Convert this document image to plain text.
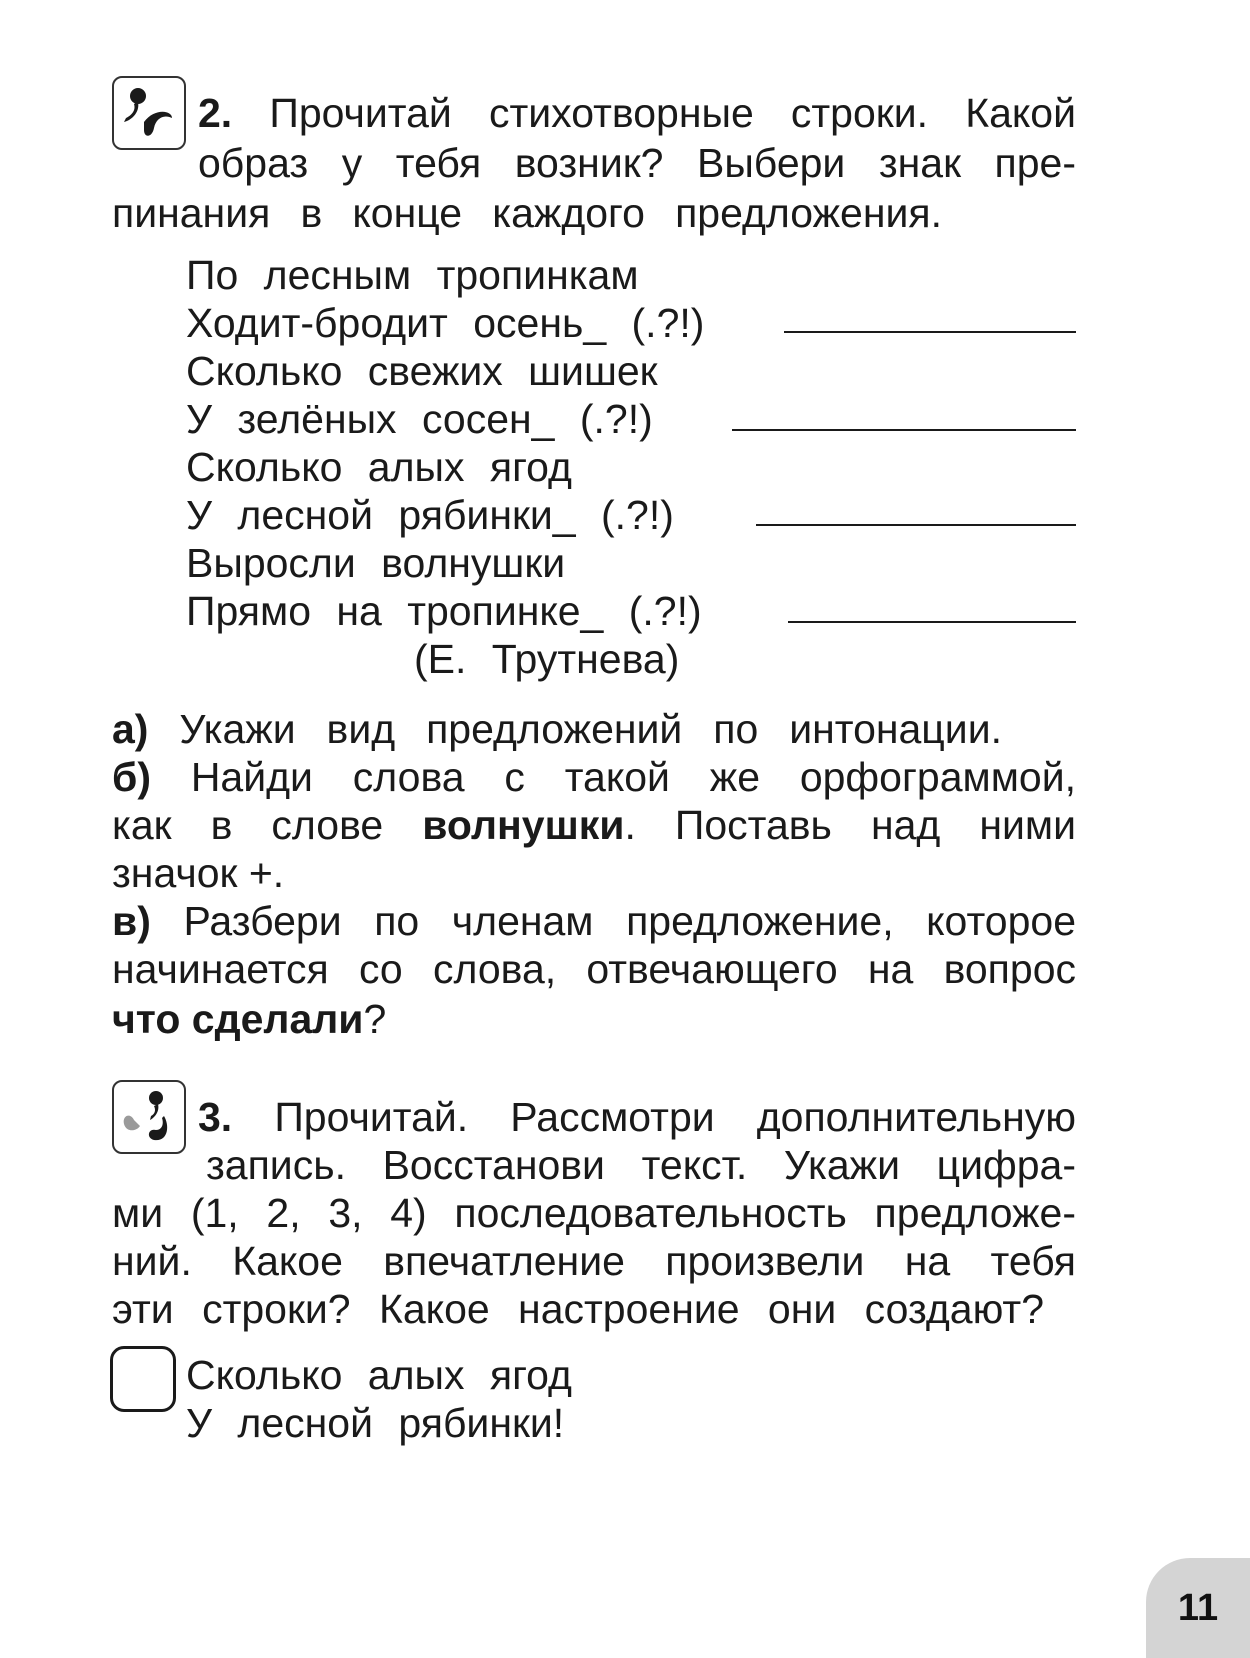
2. Прочитай стихотворные строки. Какой
образ у тебя возник? Выбери знак пре-
пинания в конце каждого предложения.
По лесным тропинкам
Ходит-бродит осень_ (.?!)
Сколько свежих шишек
У зелёных сосен_ (.?!)
Сколько алых ягод
У лесной рябинки_ (.?!)
Выросли волнушки
Прямо на тропинке_ (.?!)
(Е. Трутнева)
а) Укажи вид предложений по интонации.
б) Найди слова с такой же орфограммой,
как в слове волнушки. Поставь над ними
значок +.
в) Разбери по членам предложение, которое
начинается со слова, отвечающего на вопрос
что сделали?
3. Прочитай. Рассмотри дополнительную
запись. Восстанови текст. Укажи цифра-
ми (1, 2, 3, 4) последовательность предложе-
ний. Какое впечатление произвели на тебя
эти строки? Какое настроение они создают?
Сколько алых ягод
У лесной рябинки!
11
